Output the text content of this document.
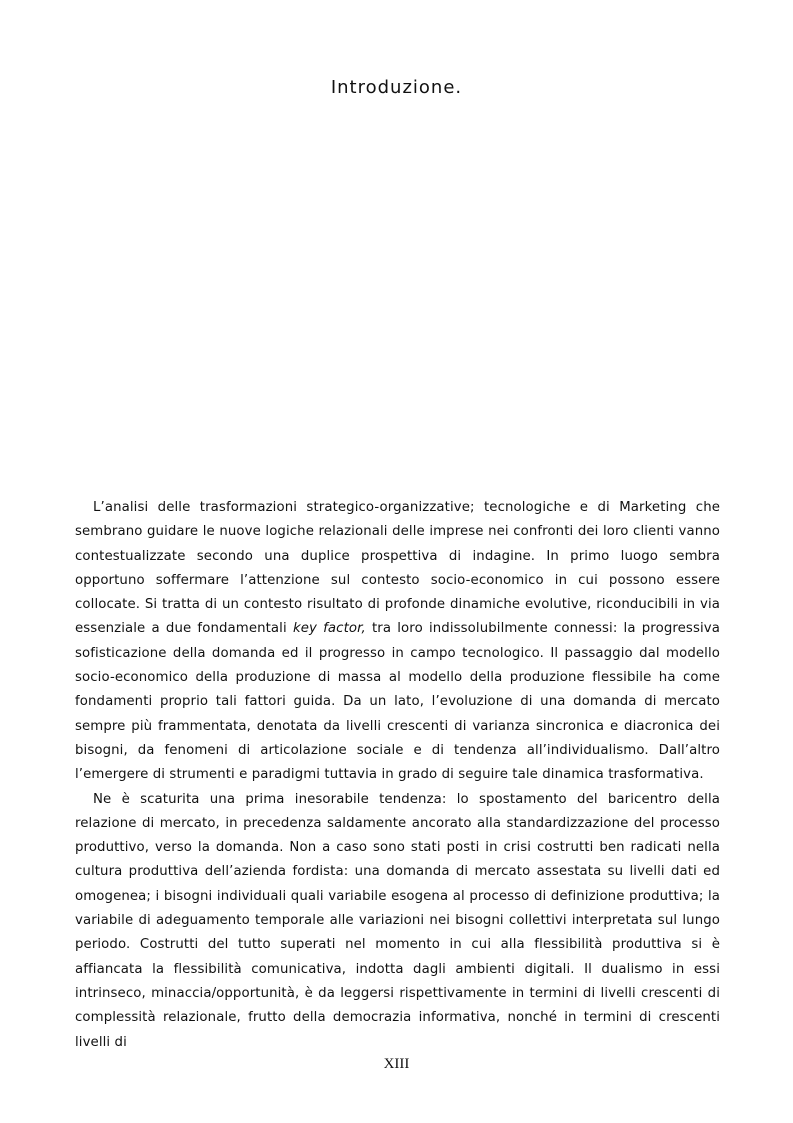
Introduzione.

L’analisi delle trasformazioni strategico-organizzative; tecnologiche e di Marketing che sembrano guidare le nuove logiche relazionali delle imprese nei confronti dei loro clienti vanno contestualizzate secondo una duplice prospettiva di indagine. In primo luogo sembra opportuno soffermare l’attenzione sul contesto socio-economico in cui possono essere collocate. Si tratta di un contesto risultato di profonde dinamiche evolutive, riconducibili in via essenziale a due fondamentali key factor, tra loro indissolubilmente connessi: la progressiva sofisticazione della domanda ed il progresso in campo tecnologico. Il passaggio dal modello socio-economico della produzione di massa al modello della produzione flessibile ha come fondamenti proprio tali fattori guida. Da un lato, l’evoluzione di una domanda di mercato sempre più frammentata, denotata da livelli crescenti di varianza sincronica e diacronica dei bisogni, da fenomeni di articolazione sociale e di tendenza all’individualismo. Dall’altro l’emergere di strumenti e paradigmi tuttavia in grado di seguire tale dinamica trasformativa.

Ne è scaturita una prima inesorabile tendenza: lo spostamento del baricentro della relazione di mercato, in precedenza saldamente ancorato alla standardizzazione del processo produttivo, verso la domanda. Non a caso sono stati posti in crisi costrutti ben radicati nella cultura produttiva dell’azienda fordista: una domanda di mercato assestata su livelli dati ed omogenea; i bisogni individuali quali variabile esogena al processo di definizione produttiva; la variabile di adeguamento temporale alle variazioni nei bisogni collettivi interpretata sul lungo periodo. Costrutti del tutto superati nel momento in cui alla flessibilità produttiva si è affiancata la flessibilità comunicativa, indotta dagli ambienti digitali. Il dualismo in essi intrinseco, minaccia/opportunità, è da leggersi rispettivamente in termini di livelli crescenti di complessità relazionale, frutto della democrazia informativa, nonché in termini di crescenti livelli di

XIII
